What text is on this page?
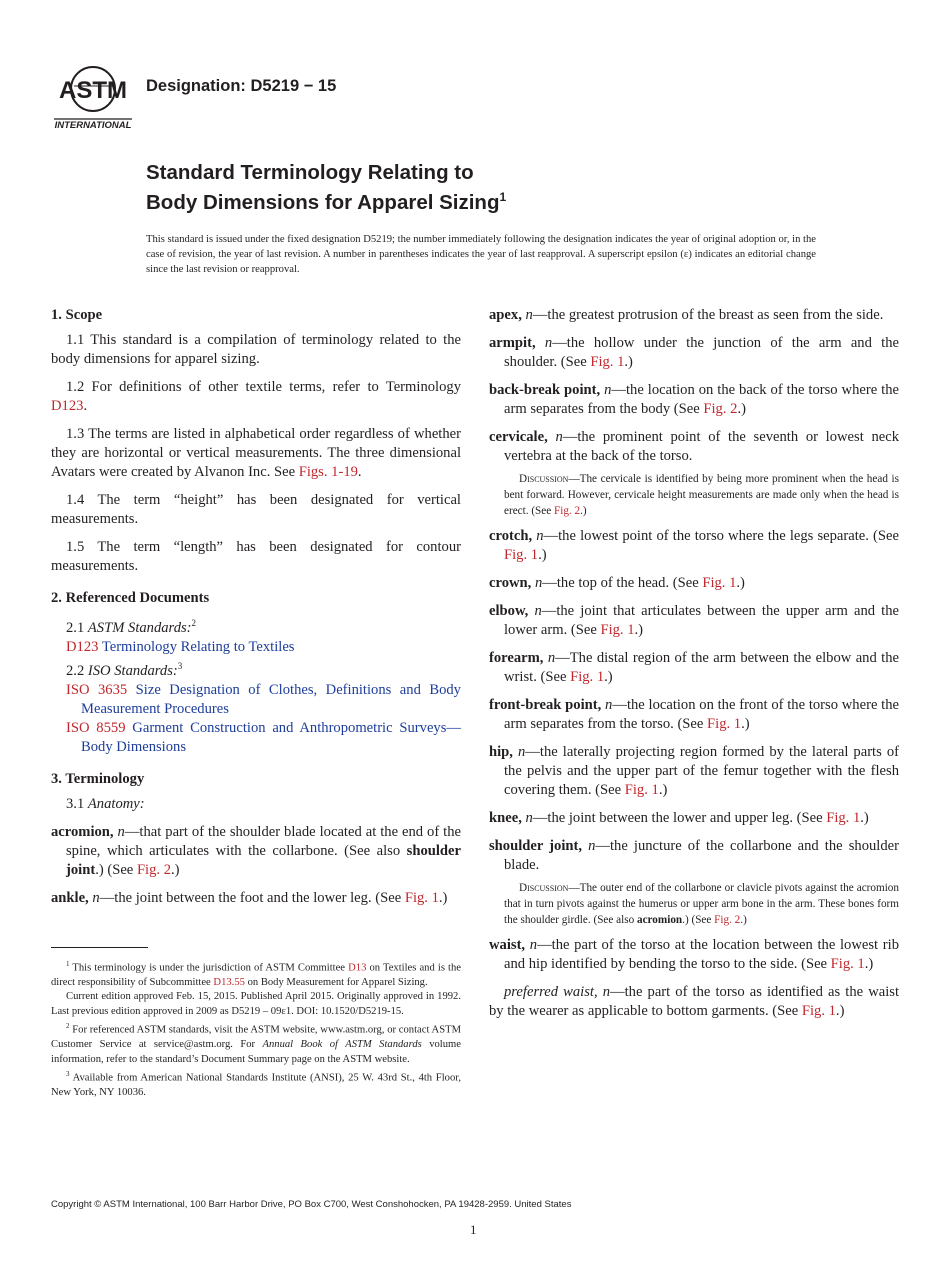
ASTM
INTERNATIONAL
Designation: D5219 − 15
Standard Terminology Relating to
Body Dimensions for Apparel Sizing$^1$
This standard is issued under the fixed designation D5219; the number immediately following the designation indicates the year of original adoption or, in the case of revision, the year of last revision. A number in parentheses indicates the year of last reapproval. A superscript epsilon (ε) indicates an editorial change since the last revision or reapproval.

1. Scope

1.1 This standard is a compilation of terminology related to the body dimensions for apparel sizing.

1.2 For definitions of other textile terms, refer to Terminology D123.

1.3 The terms are listed in alphabetical order regardless of whether they are horizontal or vertical measurements. The three dimensional Avatars were created by Alvanon Inc. See Figs. 1-19.

1.4 The term “height” has been designated for vertical measurements.

1.5 The term “length” has been designated for contour measurements.

2. Referenced Documents

2.1 ASTM Standards:$^2$

D123 Terminology Relating to Textiles

2.2 ISO Standards:$^3$

ISO 3635 Size Designation of Clothes, Definitions and Body Measurement Procedures

ISO 8559 Garment Construction and Anthropometric Surveys—Body Dimensions

3. Terminology

3.1 Anatomy:

acromion, n—that part of the shoulder blade located at the end of the spine, which articulates with the collarbone. (See also shoulder joint.) (See Fig. 2.)

ankle, n—the joint between the foot and the lower leg. (See Fig. 1.)

$^1$ This terminology is under the jurisdiction of ASTM Committee D13 on Textiles and is the direct responsibility of Subcommittee D13.55 on Body Measurement for Apparel Sizing.

Current edition approved Feb. 15, 2015. Published April 2015. Originally approved in 1992. Last previous edition approved in 2009 as D5219 – 09ε1. DOI: 10.1520/D5219-15.

$^2$ For referenced ASTM standards, visit the ASTM website, www.astm.org, or contact ASTM Customer Service at service@astm.org. For Annual Book of ASTM Standards volume information, refer to the standard’s Document Summary page on the ASTM website.

$^3$ Available from American National Standards Institute (ANSI), 25 W. 43rd St., 4th Floor, New York, NY 10036.

apex, n—the greatest protrusion of the breast as seen from the side.

armpit, n—the hollow under the junction of the arm and the shoulder. (See Fig. 1.)

back-break point, n—the location on the back of the torso where the arm separates from the body (See Fig. 2.)

cervicale, n—the prominent point of the seventh or lowest neck vertebra at the back of the torso.

Discussion—The cervicale is identified by being more prominent when the head is bent forward. However, cervicale height measurements are made only when the head is erect. (See Fig. 2.)

crotch, n—the lowest point of the torso where the legs separate. (See Fig. 1.)

crown, n—the top of the head. (See Fig. 1.)

elbow, n—the joint that articulates between the upper arm and the lower arm. (See Fig. 1.)

forearm, n—The distal region of the arm between the elbow and the wrist. (See Fig. 1.)

front-break point, n—the location on the front of the torso where the arm separates from the torso. (See Fig. 1.)

hip, n—the laterally projecting region formed by the lateral parts of the pelvis and the upper part of the femur together with the flesh covering them. (See Fig. 1.)

knee, n—the joint between the lower and upper leg. (See Fig. 1.)

shoulder joint, n—the juncture of the collarbone and the shoulder blade.

Discussion—The outer end of the collarbone or clavicle pivots against the acromion that in turn pivots against the humerus or upper arm bone in the arm. These bones form the shoulder girdle. (See also acromion.) (See Fig. 2.)

waist, n—the part of the torso at the location between the lowest rib and hip identified by bending the torso to the side. (See Fig. 1.)

preferred waist, n—the part of the torso as identified as the waist by the wearer as applicable to bottom garments. (See Fig. 1.)

Copyright © ASTM International, 100 Barr Harbor Drive, PO Box C700, West Conshohocken, PA 19428-2959. United States
1
